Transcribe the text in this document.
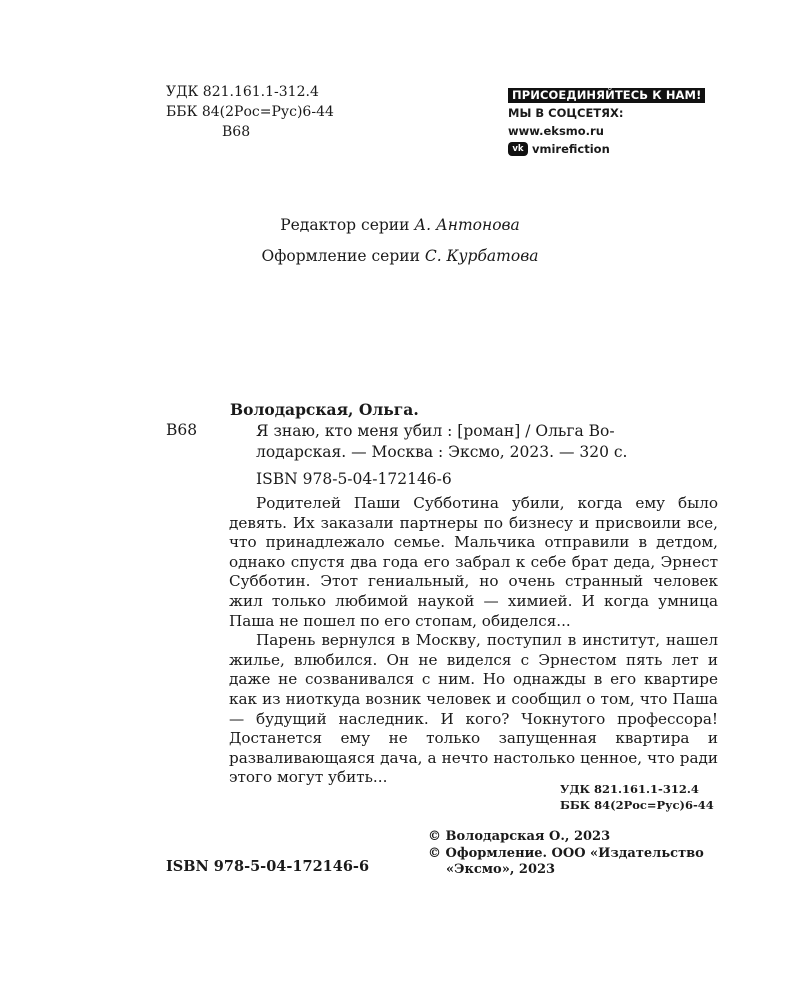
УДК 821.161.1-312.4
ББК 84(2Рос=Рус)6-44
В68
ПРИСОЕДИНЯЙТЕСЬ К НАМ!
МЫ В СОЦСЕТЯХ:
www.eksmo.ru
vk vmirefiction
Редактор серии А. Антонова
Оформление серии С. Курбатова
Володарская, Ольга.
В68	Я знаю, кто меня убил : [роман] / Ольга Во-
лодарская. — Москва : Эксмо, 2023. — 320 с.
ISBN 978-5-04-172146-6

Родителей Паши Субботина убили, когда ему было девять. Их заказали партнеры по бизнесу и присвоили все, что принадлежало семье. Мальчика отправили в детдом, однако спустя два года его забрал к себе брат деда, Эрнест Субботин. Этот гениальный, но очень странный человек жил только любимой наукой — химией. И когда умница Паша не пошел по его стопам, обиделся...

Парень вернулся в Москву, поступил в институт, нашел жилье, влюбился. Он не виделся с Эрнестом пять лет и даже не созванивался с ним. Но однажды в его квартире как из ниоткуда возник человек и сообщил о том, что Паша — будущий наследник. И кого? Чокнутого профессора! Достанется ему не только запущенная квартира и разваливающаяся дача, а нечто настолько ценное, что ради этого могут убить...

УДК 821.161.1-312.4
ББК 84(2Рос=Рус)6-44
© Володарская О., 2023
© Оформление. ООО «Издательство
«Эксмо», 2023
ISBN 978-5-04-172146-6
